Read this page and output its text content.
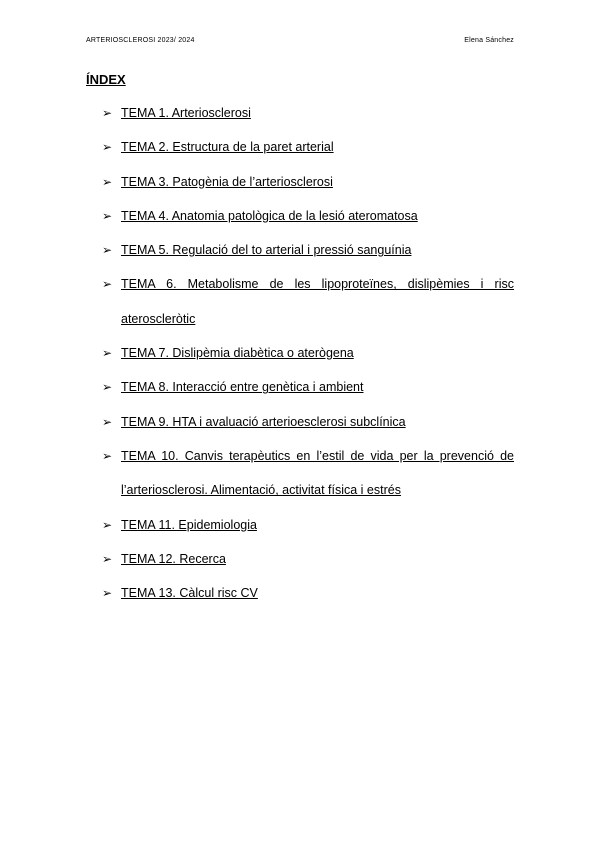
ARTERIOSCLEROSI 2023/ 2024	Elena Sánchez
ÍNDEX
➢ TEMA 1. Arteriosclerosi
➢ TEMA 2. Estructura de la paret arterial
➢ TEMA 3. Patogènia de l’arteriosclerosi
➢ TEMA 4. Anatomia patològica de la lesió ateromatosa
➢ TEMA 5. Regulació del to arterial i pressió sanguínia
➢ TEMA 6. Metabolisme de les lipoproteïnes, dislipèmies i risc ateroscleròtic
➢ TEMA 7. Dislipèmia diabètica o aterògena
➢ TEMA 8. Interacció entre genètica i ambient
➢ TEMA 9. HTA i avaluació arterioesclerosi subclínica
➢ TEMA 10. Canvis terapèutics en l’estil de vida per la prevenció de l’arteriosclerosi. Alimentació, activitat física i estrés
➢ TEMA 11. Epidemiologia
➢ TEMA 12. Recerca
➢ TEMA 13. Càlcul risc CV
